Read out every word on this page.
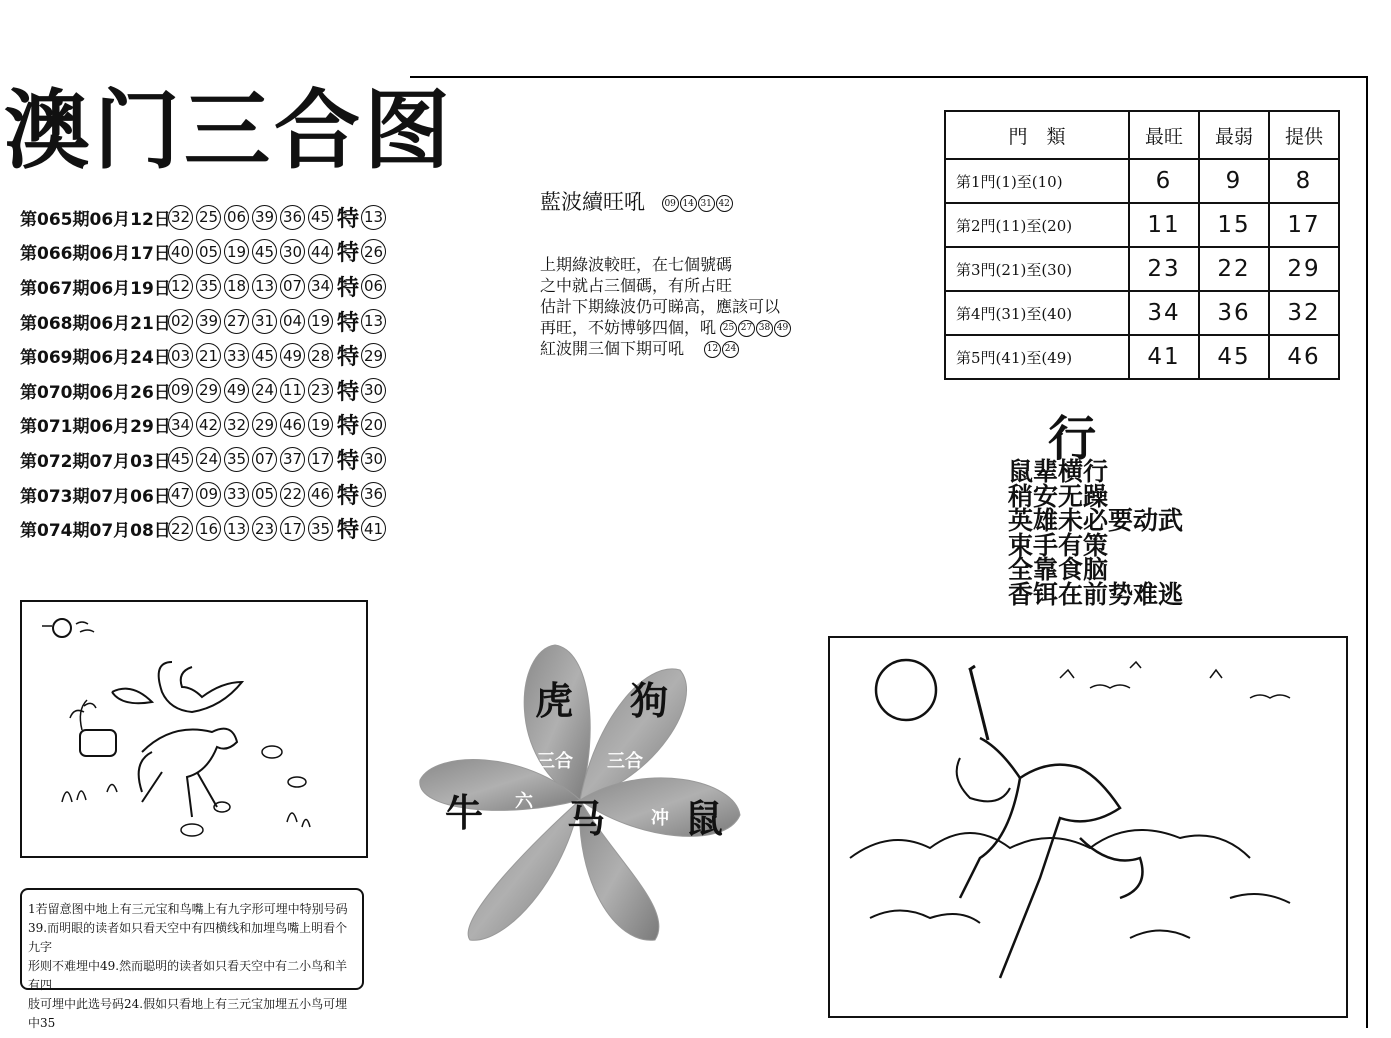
澳门三合图
第065期06月12日 32 25 06 39 36 45 特 13
第066期06月17日 40 05 19 45 30 44 特 26
第067期06月19日 12 35 18 13 07 34 特 06
第068期06月21日 02 39 27 31 04 19 特 13
第069期06月24日 03 21 33 45 49 28 特 29
第070期06月26日 09 29 49 24 11 23 特 30
第071期06月29日 34 42 32 29 46 19 特 20
第072期07月03日 45 24 35 07 37 17 特 30
第073期07月06日 47 09 33 05 22 46 特 36
第074期07月08日 22 16 13 23 17 35 特 41
藍波續旺吼	09 14 31 42
上期綠波較旺，在七個號碼
之中就占三個碼，有所占旺
估計下期綠波仍可睇高，應該可以
再旺，不妨博够四個，吼 25 27 38 49
紅波開三個下期可吼	12 24
門　類	最旺	最弱	提供
第1門(1)至(10)	6	9	8
第2門(11)至(20)	11	15	17
第3門(21)至(30)	23	22	29
第4門(31)至(40)	34	36	32
第5門(41)至(49)	41	45	46
行
鼠辈横行
稍安无躁
英雄未必要动武
束手有策
全靠食脑
香铒在前势难逃
1若留意图中地上有三元宝和鸟嘴上有九字形可埋中特别号码
39.而明眼的读者如只看天空中有四横线和加埋鸟嘴上明看个九字
形则不难埋中49.然而聪明的读者如只看天空中有二小鸟和羊有四
肢可埋中此选号码24.假如只看地上有三元宝加埋五小鸟可埋中35
虎 狗
牛 马 鼠
三合 三合
六合	冲
